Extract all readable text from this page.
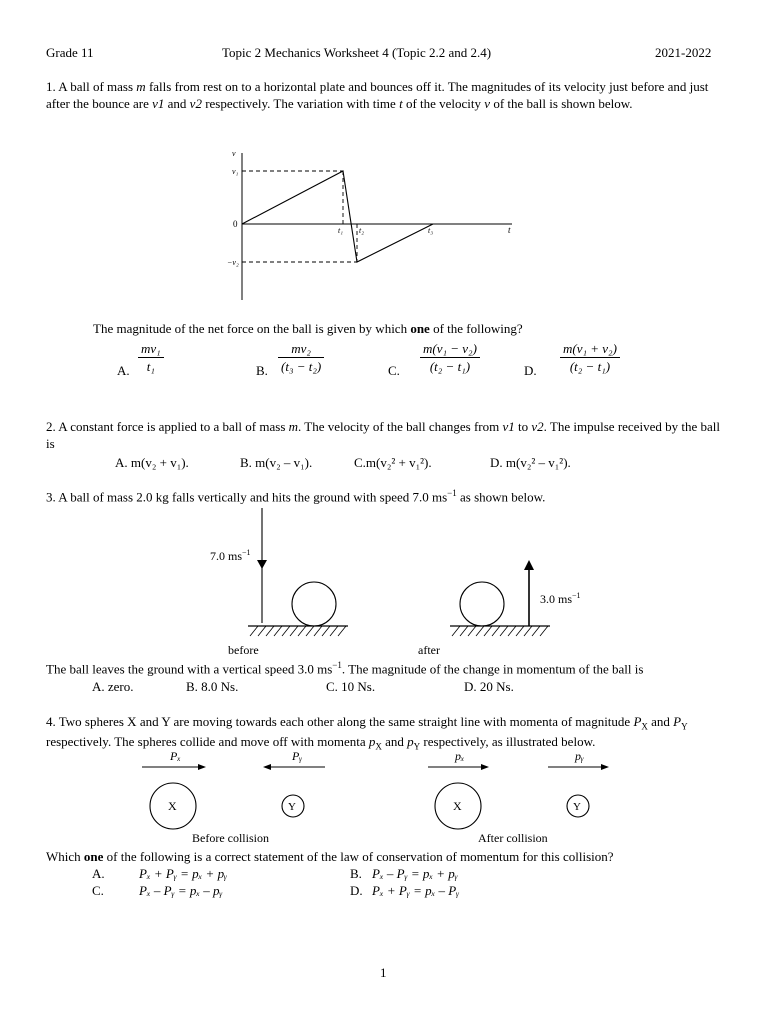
Grade 11	Topic 2 Mechanics Worksheet 4 (Topic 2.2 and 2.4)	2021-2022
1. A ball of mass m falls from rest on to a horizontal plate and bounces off it. The magnitudes of its velocity just before and just after the bounce are v1 and v2 respectively. The variation with time t of the velocity v of the ball is shown below.
v
v₁
0
−v₂
t₁ t₂	t₃	t
The magnitude of the net force on the ball is given by which one of the following?
A. $\frac{\text{mv₁}}{\text{t₁}}$	B. $\frac{\text{mv₂}}{\text{(t₃ − t₂)}}$	C. $\frac{\text{m(v₁ − v₂)}}{\text{(t₂ − t₁)}}$	D. $\frac{\text{m(v₁ + v₂)}}{\text{(t₂ − t₁)}}$
2. A constant force is applied to a ball of mass m. The velocity of the ball changes from v1 to v2. The impulse received by the ball is
A. m(v₂ + v₁).	B. m(v₂ – v₁).	C.m(v₂² + v₁²).	D. m(v₂² – v₁²).
3. A ball of mass 2.0 kg falls vertically and hits the ground with speed 7.0 $ms^{-1}$ as shown below.
7.0 $ms^{-1}$
before
3.0 $ms^{-1}$
after
The ball leaves the ground with a vertical speed 3.0 $ms^{-1}$. The magnitude of the change in momentum of the ball is
A. zero.	B. 8.0 Ns.	C. 10 Ns.	D. 20 Ns.
4. Two spheres X and Y are moving towards each other along the same straight line with momenta of magnitude $P_X$ and $P_Y$ respectively. The spheres collide and move off with momenta $p_X$ and $p_Y$ respectively, as illustrated below.
Pₓ	Pᵧ
X	Y
Before collision
pₓ	pᵧ
X	Y
After collision
Which one of the following is a correct statement of the law of conservation of momentum for this collision?
A.	Pₓ + Pᵧ = pₓ + pᵧ	B. Pₓ – Pᵧ = pₓ + pᵧ
C.	Pₓ – Pᵧ = pₓ – pᵧ	D. Pₓ + Pᵧ = pₓ – Pᵧ
1
